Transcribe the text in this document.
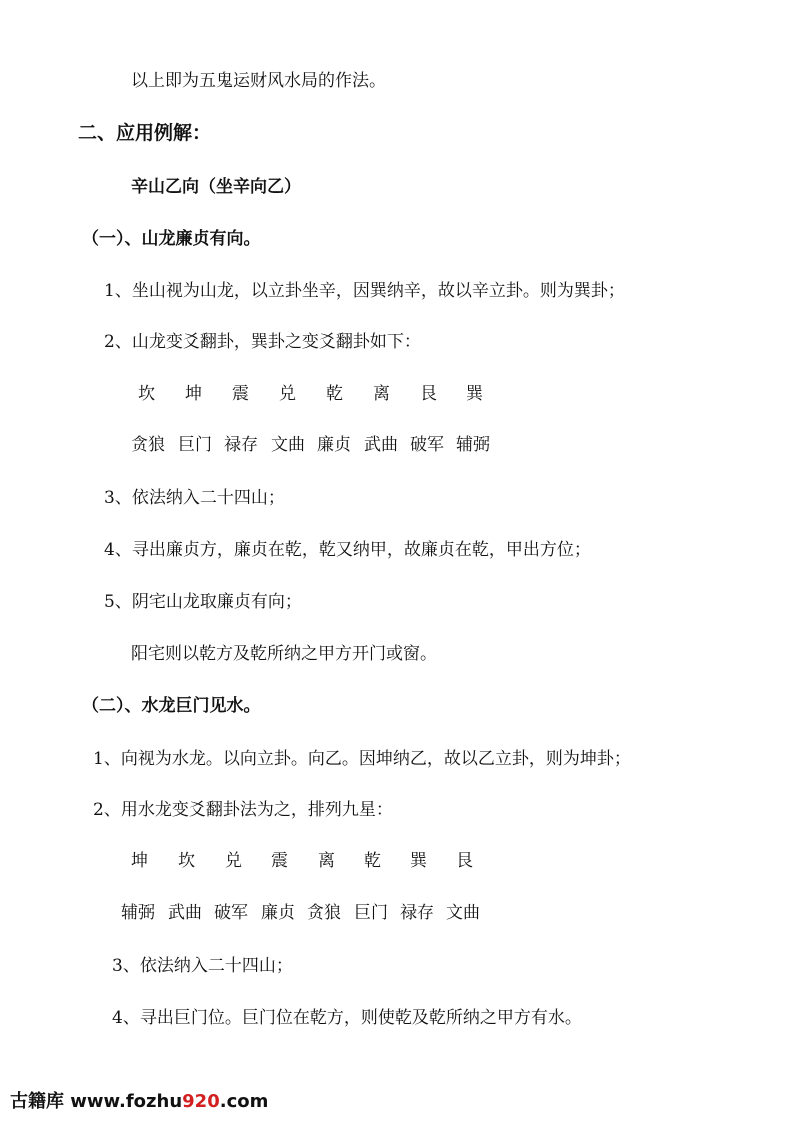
以上即为五鬼运财风水局的作法。
二、应用例解：
辛山乙向（坐辛向乙）
（一）、山龙廉贞有向。
1、坐山视为山龙，以立卦坐辛，因巽纳辛，故以辛立卦。则为巽卦；
2、山龙变爻翻卦，巽卦之变爻翻卦如下：
坎 坤 震 兑 乾 离 艮 巽
贪狼 巨门 禄存 文曲 廉贞 武曲 破军 辅弼
3、依法纳入二十四山；
4、寻出廉贞方，廉贞在乾，乾又纳甲，故廉贞在乾，甲出方位；
5、阴宅山龙取廉贞有向；
阳宅则以乾方及乾所纳之甲方开门或窗。
（二）、水龙巨门见水。
1、向视为水龙。以向立卦。向乙。因坤纳乙，故以乙立卦，则为坤卦；
2、用水龙变爻翻卦法为之，排列九星：
坤 坎 兑 震 离 乾 巽 艮
辅弼 武曲 破军 廉贞 贪狼 巨门 禄存 文曲
3、依法纳入二十四山；
4、寻出巨门位。巨门位在乾方，则使乾及乾所纳之甲方有水。
古籍库 www.fozhu920.com
